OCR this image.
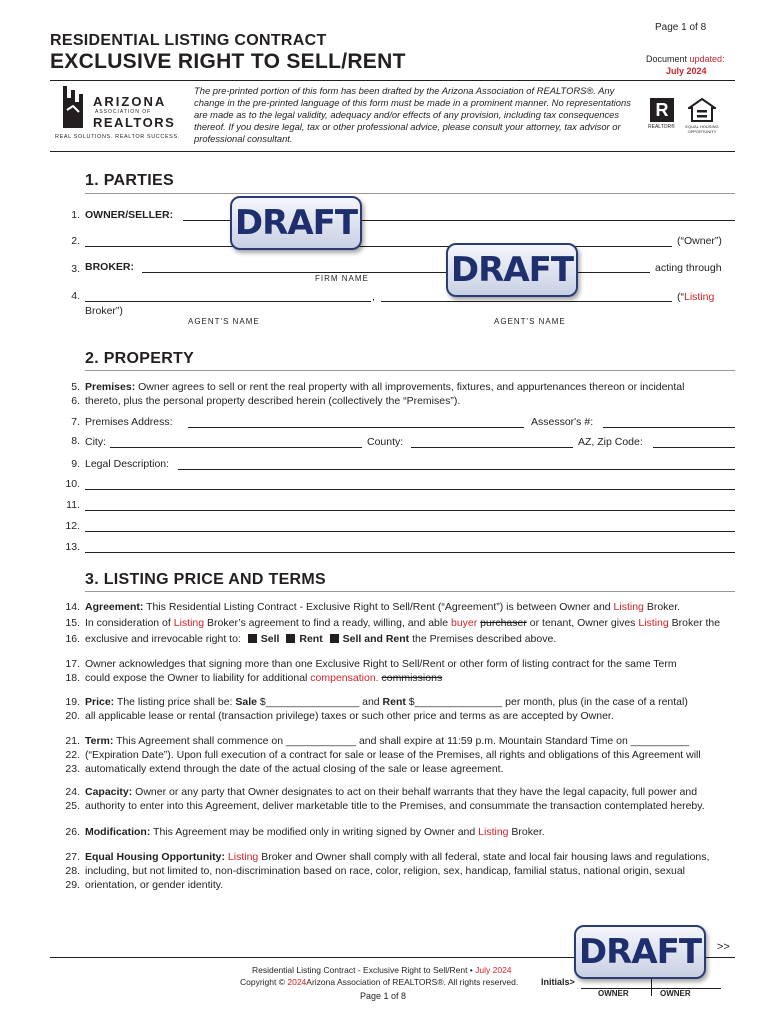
Page 1 of 8
RESIDENTIAL LISTING CONTRACT
EXCLUSIVE RIGHT TO SELL/RENT	Document updated:
July 2024
ARIZONA
ASSOCIATION OF
REALTORS
REAL SOLUTIONS. REALTOR SUCCESS.
The pre-printed portion of this form has been drafted by the Arizona Association of REALTORS®. Any change in the pre-printed language of this form must be made in a prominent manner. No representations are made as to the legal validity, adequacy and/or effects of any provision, including tax consequences thereof. If you desire legal, tax or other professional advice, please consult your attorney, tax advisor or professional consultant.
R
REALTOR®	EQUAL HOUSING OPPORTUNITY
1. PARTIES
1. OWNER/SELLER:
2.	(“Owner”)
3. BROKER:
FIRM NAME
acting through
4.	,	(“Listing
Broker”)
AGENT'S NAME	AGENT'S NAME
DRAFT
DRAFT
2. PROPERTY
5. Premises: Owner agrees to sell or rent the real property with all improvements, fixtures, and appurtenances thereon or incidental
6. thereto, plus the personal property described herein (collectively the “Premises”).
7. Premises Address:	Assessor's #:
8. City:	County:	AZ, Zip Code:
9. Legal Description:
10.
11.
12.
13.
3. LISTING PRICE AND TERMS
14. Agreement: This Residential Listing Contract - Exclusive Right to Sell/Rent (“Agreement”) is between Owner and Listing Broker.
15. In consideration of Listing Broker’s agreement to find a ready, willing, and able buyer purchaser or tenant, Owner gives Listing Broker the
16. exclusive and irrevocable right to: Sell Rent Sell and Rent the Premises described above.
17. Owner acknowledges that signing more than one Exclusive Right to Sell/Rent or other form of listing contract for the same Term
18. could expose the Owner to liability for additional compensation. commissions
19. Price: The listing price shall be: Sale $________________ and Rent $_______________ per month, plus (in the case of a rental)
20. all applicable lease or rental (transaction privilege) taxes or such other price and terms as are accepted by Owner.
21. Term: This Agreement shall commence on ____________ and shall expire at 11:59 p.m. Mountain Standard Time on __________
22. (“Expiration Date”). Upon full execution of a contract for sale or lease of the Premises, all rights and obligations of this Agreement will
23. automatically extend through the date of the actual closing of the sale or lease agreement.
24. Capacity: Owner or any party that Owner designates to act on their behalf warrants that they have the legal capacity, full power and
25. authority to enter into this Agreement, deliver marketable title to the Premises, and consummate the transaction contemplated hereby.
26. Modification: This Agreement may be modified only in writing signed by Owner and Listing Broker.
27. Equal Housing Opportunity: Listing Broker and Owner shall comply with all federal, state and local fair housing laws and regulations,
28. including, but not limited to, non-discrimination based on race, color, religion, sex, handicap, familial status, national origin, sexual
29. orientation, or gender identity.
>>
Residential Listing Contract - Exclusive Right to Sell/Rent • July 2024
Copyright © 2024Arizona Association of REALTORS®. All rights reserved.
Page 1 of 8
Initials>
OWNER	OWNER
DRAFT
